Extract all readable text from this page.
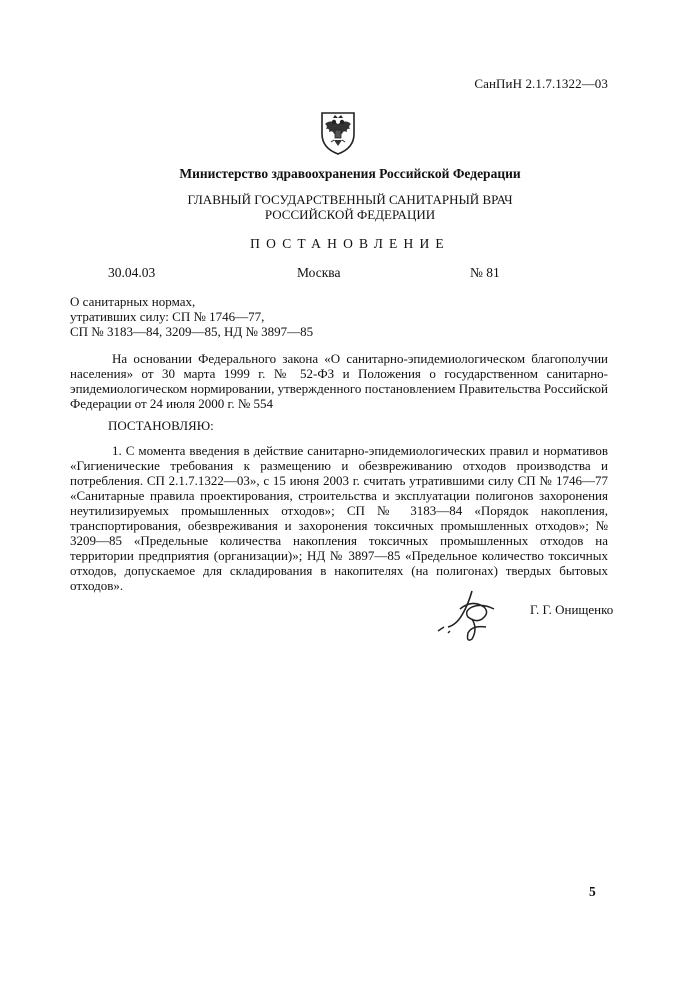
СанПиН 2.1.7.1322—03
Министерство здравоохранения Российской Федерации
ГЛАВНЫЙ ГОСУДАРСТВЕННЫЙ САНИТАРНЫЙ ВРАЧ
РОССИЙСКОЙ ФЕДЕРАЦИИ
ПОСТАНОВЛЕНИЕ
30.04.03	Москва	№ 81
О санитарных нормах,
утративших силу: СП № 1746—77,
СП № 3183—84, 3209—85, НД № 3897—85

На основании Федерального закона «О санитарно-эпидемиологическом благополучии населения» от 30 марта 1999 г. № 52-ФЗ и Положения о государственном санитарно-эпидемиологическом нормировании, утвержденного постановлением Правительства Российской Федерации от 24 июля 2000 г. № 554

ПОСТАНОВЛЯЮ:

1. С момента введения в действие санитарно-эпидемиологических правил и нормативов «Гигиенические требования к размещению и обезвреживанию отходов производства и потребления. СП 2.1.7.1322—03», с 15 июня 2003 г. считать утратившими силу СП № 1746—77 «Санитарные правила проектирования, строительства и эксплуатации полигонов захоронения неутилизируемых промышленных отходов»; СП № 3183—84 «Порядок накопления, транспортирования, обезвреживания и захоронения токсичных промышленных отходов»; № 3209—85 «Предельные количества накопления токсичных промышленных отходов на территории предприятия (организации)»; НД № 3897—85 «Предельное количество токсичных отходов, допускаемое для складирования в накопителях (на полигонах) твердых бытовых отходов».

Г. Г. Онищенко
5
